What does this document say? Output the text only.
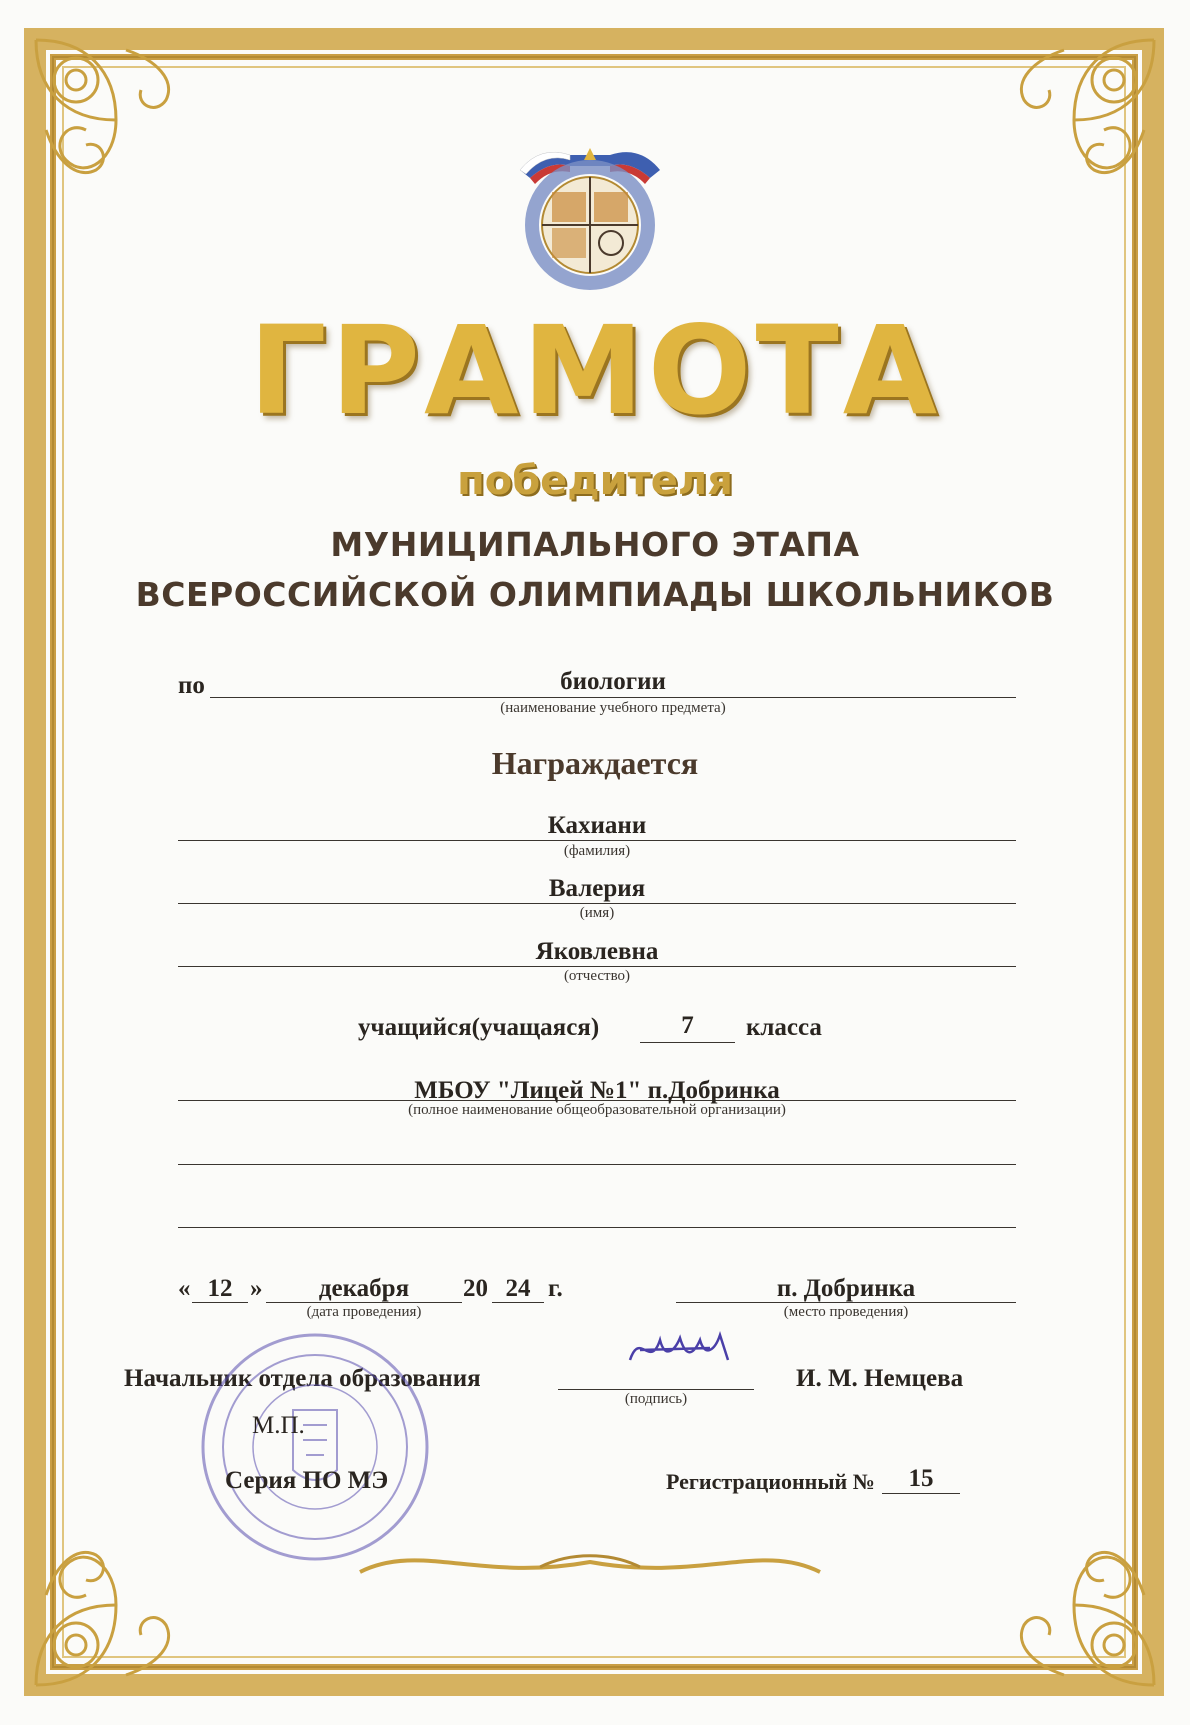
ГРАМОТА
победителя
МУНИЦИПАЛЬНОГО ЭТАПА
ВСЕРОССИЙСКОЙ ОЛИМПИАДЫ ШКОЛЬНИКОВ
по	биологии
(наименование учебного предмета)
Награждается
Кахиани
(фамилия)
Валерия
(имя)
Яковлевна
(отчество)
учащийся(учащаяся)	7	класса
МБОУ "Лицей №1" п.Добринка
(полное наименование общеобразовательной организации)
« 12 »	декабря	20 24 г.
(дата проведения)
п. Добринка
(место проведения)
Начальник отдела образования
(подпись)
И. М. Немцева
М.П.
Серия ПО МЭ	Регистрационный №	15
